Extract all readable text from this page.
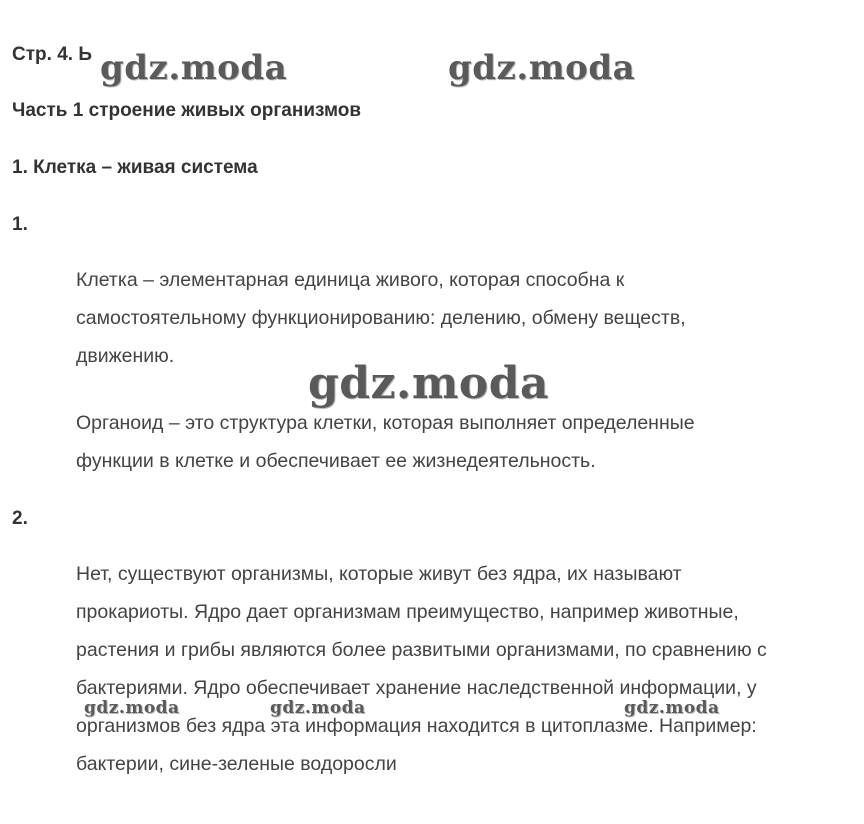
Стр. 4. Ь
Часть 1 строение живых организмов
1. Клетка – живая система
1.

Клетка – элементарная единица живого, которая способна к
самостоятельному функционированию: делению, обмену веществ,
движению.

Органоид – это структура клетки, которая выполняет определенные
функции в клетке и обеспечивает ее жизнедеятельность.

2.

Нет, существуют организмы, которые живут без ядра, их называют
прокариоты. Ядро дает организмам преимущество, например животные,
растения и грибы являются более развитыми организмами, по сравнению с
бактериями. Ядро обеспечивает хранение наследственной информации, у
организмов без ядра эта информация находится в цитоплазме. Например:
бактерии, сине-зеленые водоросли

gdz.moda	gdz.moda
gdz.moda
gdz.moda	gdz.moda	gdz.moda
